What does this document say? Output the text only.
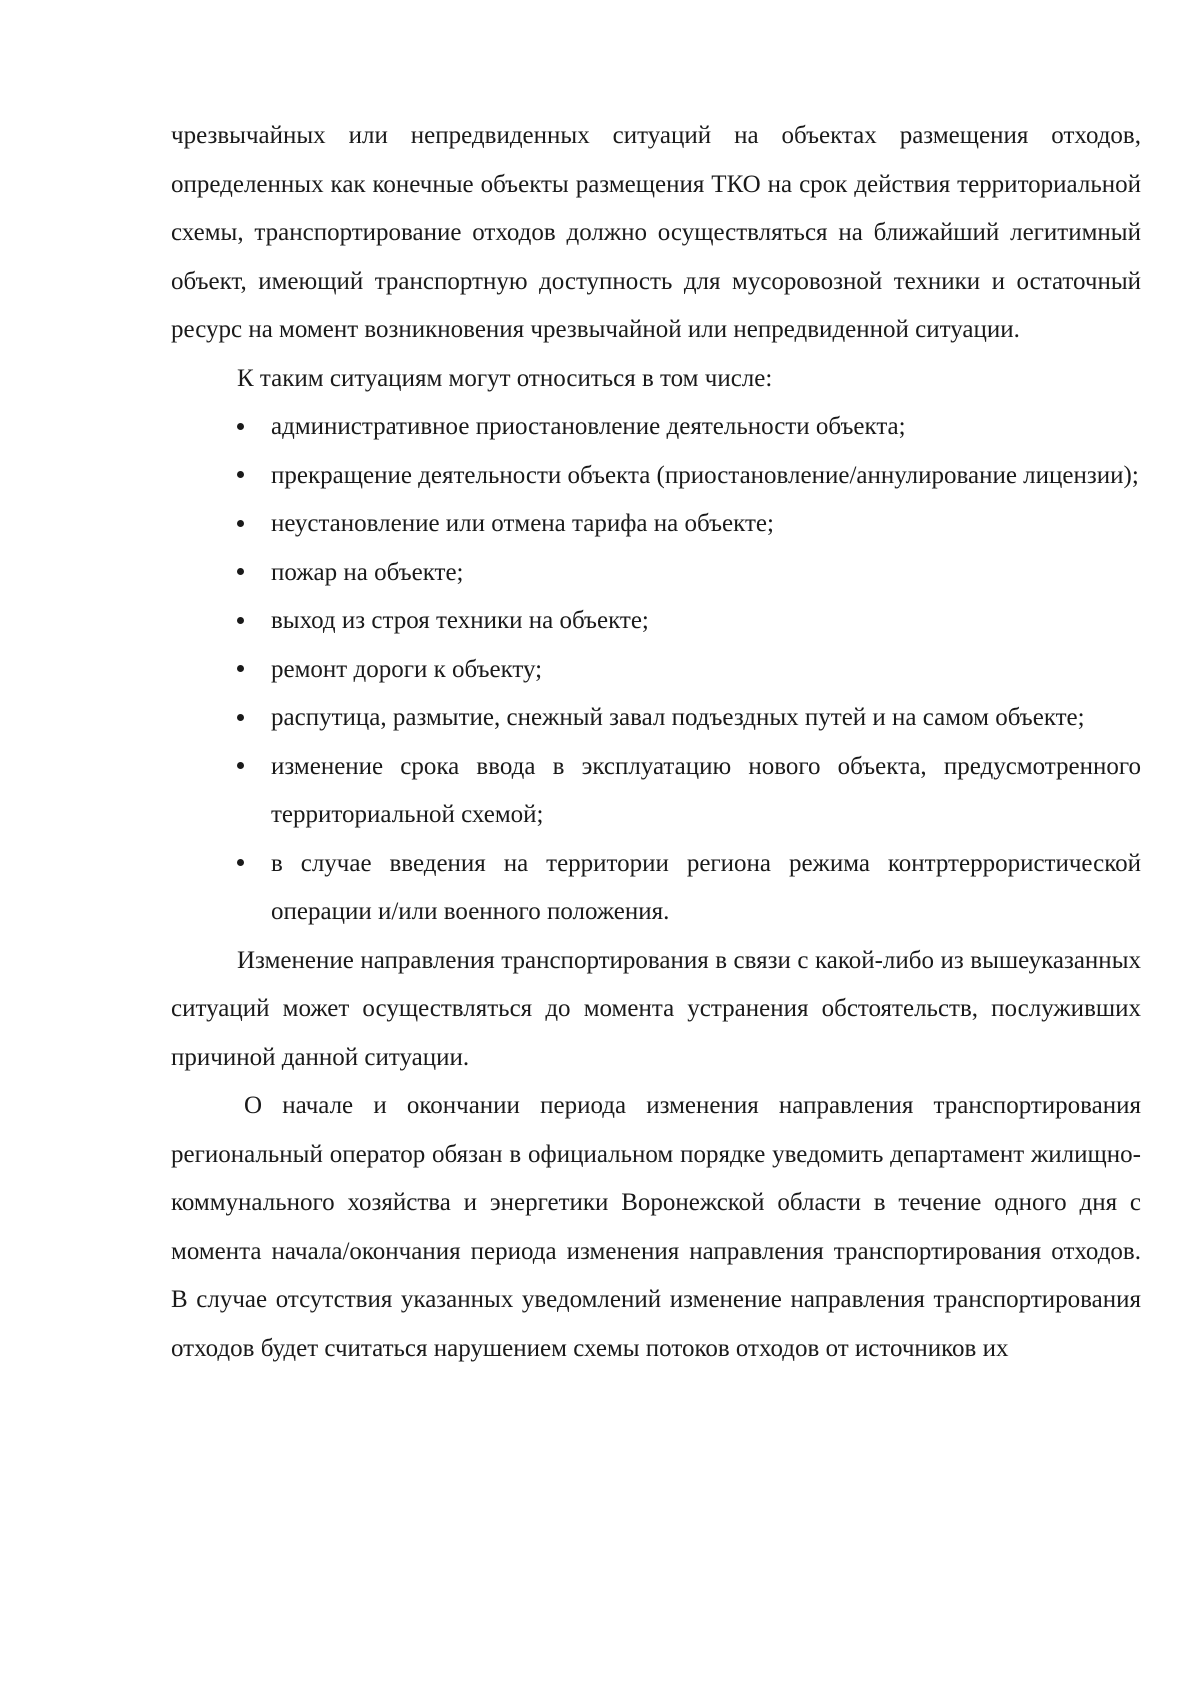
чрезвычайных или непредвиденных ситуаций на объектах размещения отходов, определенных как конечные объекты размещения ТКО на срок действия территориальной схемы, транспортирование отходов должно осуществляться на ближайший легитимный объект, имеющий транспортную доступность для мусоровозной техники и остаточный ресурс на момент возникновения чрезвычайной или непредвиденной ситуации.

К таким ситуациям могут относиться в том числе:

административное приостановление деятельности объекта;
прекращение деятельности объекта (приостановление/аннулирование лицензии);
неустановление или отмена тарифа на объекте;
пожар на объекте;
выход из строя техники на объекте;
ремонт дороги к объекту;
распутица, размытие, снежный завал подъездных путей и на самом объекте;
изменение срока ввода в эксплуатацию нового объекта, предусмотренного территориальной схемой;
в случае введения на территории региона режима контртеррористической операции и/или военного положения.

Изменение направления транспортирования в связи с какой-либо из вышеуказанных ситуаций может осуществляться до момента устранения обстоятельств, послуживших причиной данной ситуации.

О начале и окончании периода изменения направления транспортирования региональный оператор обязан в официальном порядке уведомить департамент жилищно-коммунального хозяйства и энергетики Воронежской области в течение одного дня с момента начала/окончания периода изменения направления транспортирования отходов. В случае отсутствия указанных уведомлений изменение направления транспортирования отходов будет считаться нарушением схемы потоков отходов от источников их
